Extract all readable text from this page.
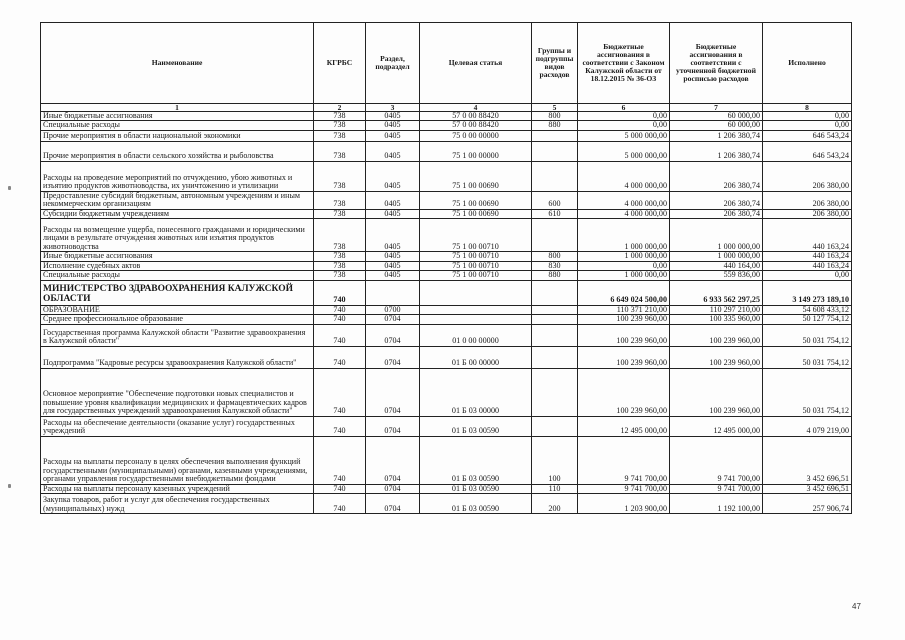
Наименование	КГРБС	Раздел, подраздел	Целевая статья	Группы и подгруппы видов расходов	Бюджетные ассигнования в соответствии с Законом Калужской области от 18.12.2015 № 36-ОЗ	Бюджетные ассигнования в соответствии с уточненной бюджетной росписью расходов	Исполнено
1	2	3	4	5	6	7	8
Иные бюджетные ассигнования	738	0405	57 0 00 88420	800	0,00	60 000,00	0,00
Специальные расходы	738	0405	57 0 00 88420	880	0,00	60 000,00	0,00
Прочие мероприятия в области национальной экономики	738	0405	75 0 00 00000		5 000 000,00	1 206 380,74	646 543,24
Прочие мероприятия в области сельского хозяйства и рыболовства	738	0405	75 1 00 00000		5 000 000,00	1 206 380,74	646 543,24
Расходы на проведение мероприятий по отчуждению, убою животных и изъятию продуктов животноводства, их уничтожению и утилизации	738	0405	75 1 00 00690		4 000 000,00	206 380,74	206 380,00
Предоставление субсидий бюджетным, автономным учреждениям и иным некоммерческим организациям	738	0405	75 1 00 00690	600	4 000 000,00	206 380,74	206 380,00
Субсидии бюджетным учреждениям	738	0405	75 1 00 00690	610	4 000 000,00	206 380,74	206 380,00
Расходы на возмещение ущерба, понесенного гражданами и юридическими лицами в результате отчуждения животных или изъятия продуктов животноводства	738	0405	75 1 00 00710		1 000 000,00	1 000 000,00	440 163,24
Иные бюджетные ассигнования	738	0405	75 1 00 00710	800	1 000 000,00	1 000 000,00	440 163,24
Исполнение судебных актов	738	0405	75 1 00 00710	830	0,00	440 164,00	440 163,24
Специальные расходы	738	0405	75 1 00 00710	880	1 000 000,00	559 836,00	0,00
МИНИСТЕРСТВО ЗДРАВООХРАНЕНИЯ КАЛУЖСКОЙ ОБЛАСТИ	740				6 649 024 500,00	6 933 562 297,25	3 149 273 189,10
ОБРАЗОВАНИЕ	740	0700			110 371 210,00	110 297 210,00	54 608 433,12
Среднее профессиональное образование	740	0704			100 239 960,00	100 335 960,00	50 127 754,12
Государственная программа Калужской области "Развитие здравоохранения в Калужской области"	740	0704	01 0 00 00000		100 239 960,00	100 239 960,00	50 031 754,12
Подпрограмма "Кадровые ресурсы здравоохранения Калужской области"	740	0704	01 Б 00 00000		100 239 960,00	100 239 960,00	50 031 754,12
Основное мероприятие "Обеспечение подготовки новых специалистов и повышение уровня квалификации медицинских и фармацевтических кадров для государственных учреждений здравоохранения Калужской области"	740	0704	01 Б 03 00000		100 239 960,00	100 239 960,00	50 031 754,12
Расходы на обеспечение деятельности (оказание услуг) государственных учреждений	740	0704	01 Б 03 00590		12 495 000,00	12 495 000,00	4 079 219,00
Расходы на выплаты персоналу в целях обеспечения выполнения функций государственными (муниципальными) органами, казенными учреждениями, органами управления государственными внебюджетными фондами	740	0704	01 Б 03 00590	100	9 741 700,00	9 741 700,00	3 452 696,51
Расходы на выплаты персоналу казенных учреждений	740	0704	01 Б 03 00590	110	9 741 700,00	9 741 700,00	3 452 696,51
Закупка товаров, работ и услуг для обеспечения государственных (муниципальных) нужд	740	0704	01 Б 03 00590	200	1 203 900,00	1 192 100,00	257 906,74
47
